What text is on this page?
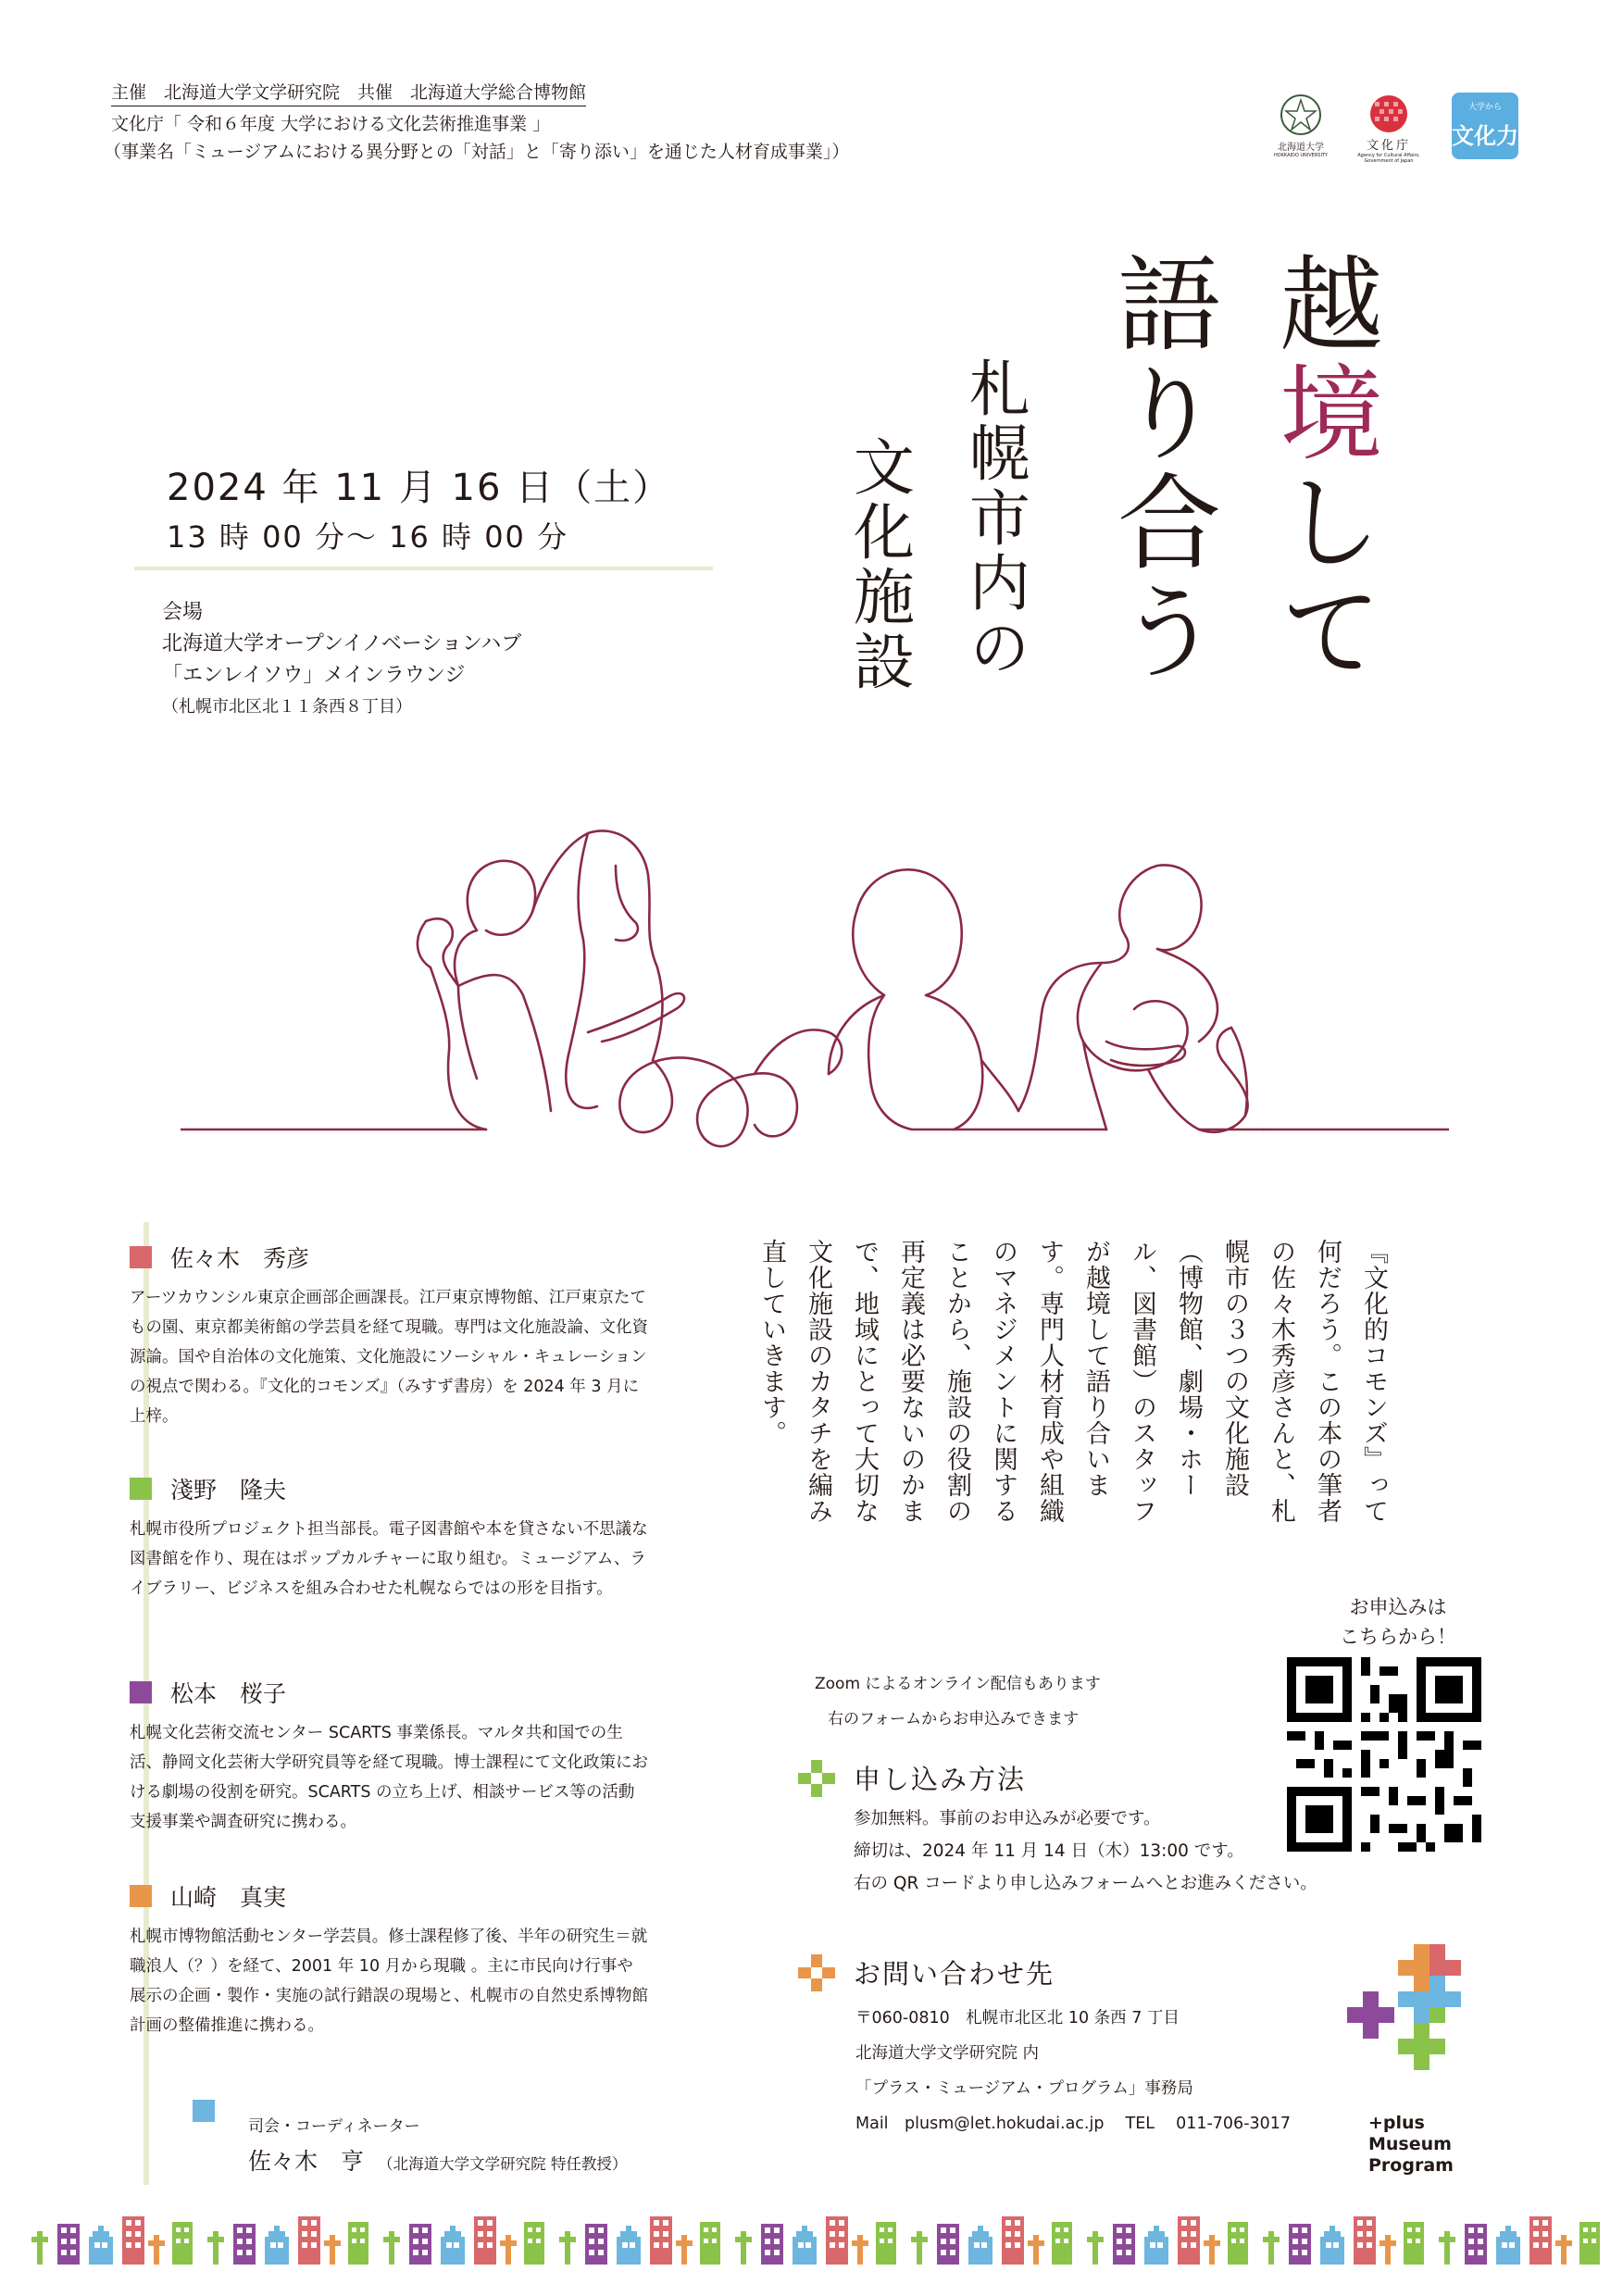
主催　北海道大学文学研究院　共催　北海道大学総合博物館
文化庁「 令和６年度 大学における文化芸術推進事業 」
（事業名「ミュージアムにおける異分野との「対話」と「寄り添い」を通じた人材育成事業」）	北海道大学
HOKKAIDO UNIVERSITY
文化庁
Agency for Cultural Affairs, Government of Japan
大学から
文化力
越境して
語り合う
札幌市内の
文化施設
2024 年 11 月 16 日（土）
13 時 00 分～ 16 時 00 分
会場
北海道大学オープンイノベーションハブ
「エンレイソウ」メインラウンジ
（札幌市北区北１１条西８丁目）
佐々木　秀彦
アーツカウンシル東京企画部企画課長。江戸東京博物館、江戸東京たてもの園、東京都美術館の学芸員を経て現職。専門は文化施設論、文化資源論。国や自治体の文化施策、文化施設にソーシャル・キュレーションの視点で関わる。『文化的コモンズ』（みすず書房）を 2024 年 3 月に上梓。
淺野　隆夫
札幌市役所プロジェクト担当部長。電子図書館や本を貸さない不思議な図書館を作り、現在はポップカルチャーに取り組む。ミュージアム、ライブラリー、ビジネスを組み合わせた札幌ならではの形を目指す。
松本　桜子
札幌文化芸術交流センター SCARTS 事業係長。マルタ共和国での生活、静岡文化芸術大学研究員等を経て現職。博士課程にて文化政策における劇場の役割を研究。SCARTS の立ち上げ、相談サービス等の活動支援事業や調査研究に携わる。
山崎　真実
札幌市博物館活動センター学芸員。修士課程修了後、半年の研究生＝就職浪人（？）を経て、2001 年 10 月から現職 。主に市民向け行事や展示の企画・製作・実施の試行錯誤の現場と、札幌市の自然史系博物館計画の整備推進に携わる。
司会・コーディネーター
佐々木　亨 （北海道大学文学研究院 特任教授）
『文化的コモンズ』って何だろう。この本の筆者の佐々木秀彦さんと、札幌市の３つの文化施設（博物館、劇場・ホール、図書館）のスタッフが越境して語り合います。専門人材育成や組織のマネジメントに関することから、施設の役割の再定義は必要ないのかまで、地域にとって大切な文化施設のカタチを編み直していきます。
Zoom によるオンライン配信もあります
右のフォームからお申込みできます
お申込みは
こちらから！
申し込み方法
参加無料。事前のお申込みが必要です。
締切は、2024 年 11 月 14 日（木）13:00 です。
右の QR コードより申し込みフォームへとお進みください。
お問い合わせ先
〒060-0810　札幌市北区北 10 条西 7 丁目
北海道大学文学研究院 内
「プラス・ミュージアム・プログラム」事務局
Mail　plusm@let.hokudai.ac.jp　 TEL　 011-706-3017	+plus
Museum
Program
